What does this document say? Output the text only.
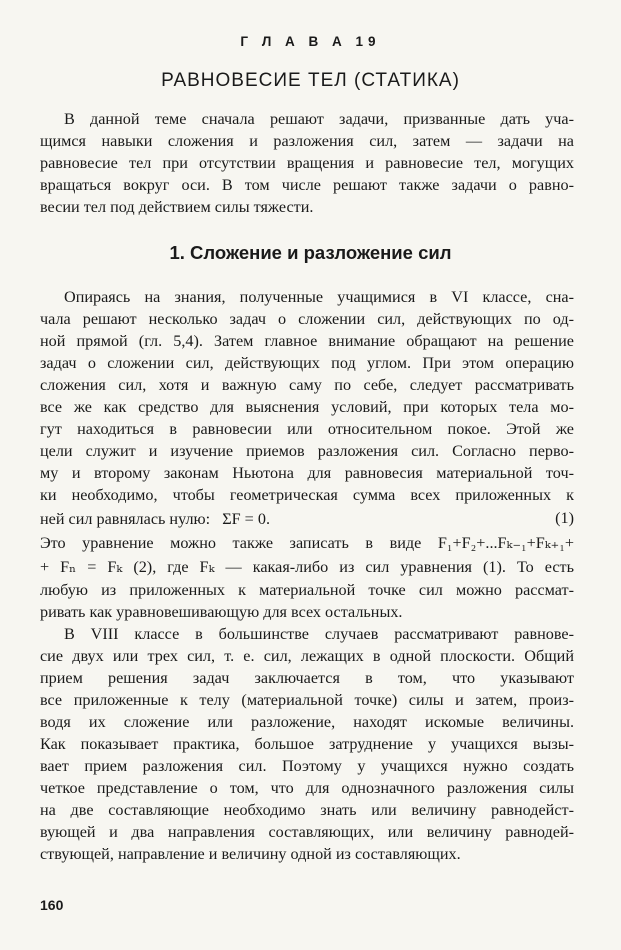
Г Л А В А 19
РАВНОВЕСИЕ ТЕЛ (СТАТИКА)
В данной теме сначала решают задачи, призванные дать уча-
щимся навыки сложения и разложения сил, затем — задачи на
равновесие тел при отсутствии вращения и равновесие тел, могущих
вращаться вокруг оси. В том числе решают также задачи о равно-
весии тел под действием силы тяжести.
1. Сложение и разложение сил
Опираясь на знания, полученные учащимися в VI классе, сна-
чала решают несколько задач о сложении сил, действующих по од-
ной прямой (гл. 5,4). Затем главное внимание обращают на решение
задач о сложении сил, действующих под углом. При этом операцию
сложения сил, хотя и важную саму по себе, следует рассматривать
все же как средство для выяснения условий, при которых тела мо-
гут находиться в равновесии или относительном покое. Этой же
цели служит и изучение приемов разложения сил. Согласно перво-
му и второму законам Ньютона для равновесия материальной точ-
ки необходимо, чтобы геометрическая сумма всех приложенных к
ней сил равнялась нулю: ΣF = 0.	(1)
Это уравнение можно также записать в виде F₁+F₂+...Fₖ₋₁+Fₖ₊₁+
+ Fₙ = Fₖ (2), где Fₖ — какая-либо из сил уравнения (1). То есть
любую из приложенных к материальной точке сил можно рассмат-
ривать как уравновешивающую для всех остальных.
В VIII классе в большинстве случаев рассматривают равнове-
сие двух или трех сил, т. е. сил, лежащих в одной плоскости. Общий
прием решения задач заключается в том, что указывают
все приложенные к телу (материальной точке) силы и затем, произ-
водя их сложение или разложение, находят искомые величины.
Как показывает практика, большое затруднение у учащихся вызы-
вает прием разложения сил. Поэтому у учащихся нужно создать
четкое представление о том, что для однозначного разложения силы
на две составляющие необходимо знать или величину равнодейст-
вующей и два направления составляющих, или величину равнодей-
ствующей, направление и величину одной из составляющих.
160
